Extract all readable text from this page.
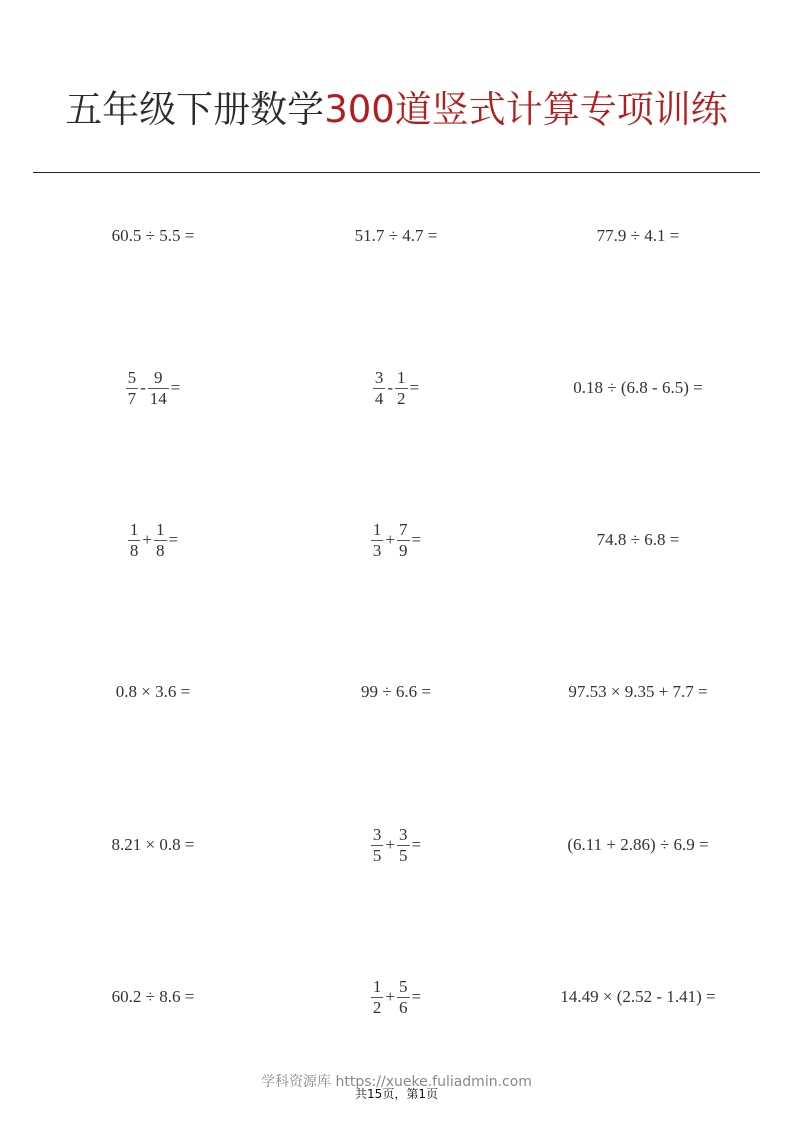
五年级下册数学300道竖式计算专项训练
60.5 ÷ 5.5 =	51.7 ÷ 4.7 =	77.9 ÷ 4.1 =
$\frac{5}{7} - \frac{9}{14}$ =	$\frac{3}{4} - \frac{1}{2}$ =	0.18 ÷ (6.8 - 6.5) =
$\frac{1}{8} + \frac{1}{8}$ =	$\frac{1}{3} + \frac{7}{9}$ =	74.8 ÷ 6.8 =
0.8 × 3.6 =	99 ÷ 6.6 =	97.53 × 9.35 + 7.7 =
8.21 × 0.8 =	$\frac{3}{5} + \frac{3}{5}$ =	(6.11 + 2.86) ÷ 6.9 =
60.2 ÷ 8.6 =	$\frac{1}{2} + \frac{5}{6}$ =	14.49 × (2.52 - 1.41) =
学科资源库 https://xueke.fuliadmin.com
共15页，第1页
